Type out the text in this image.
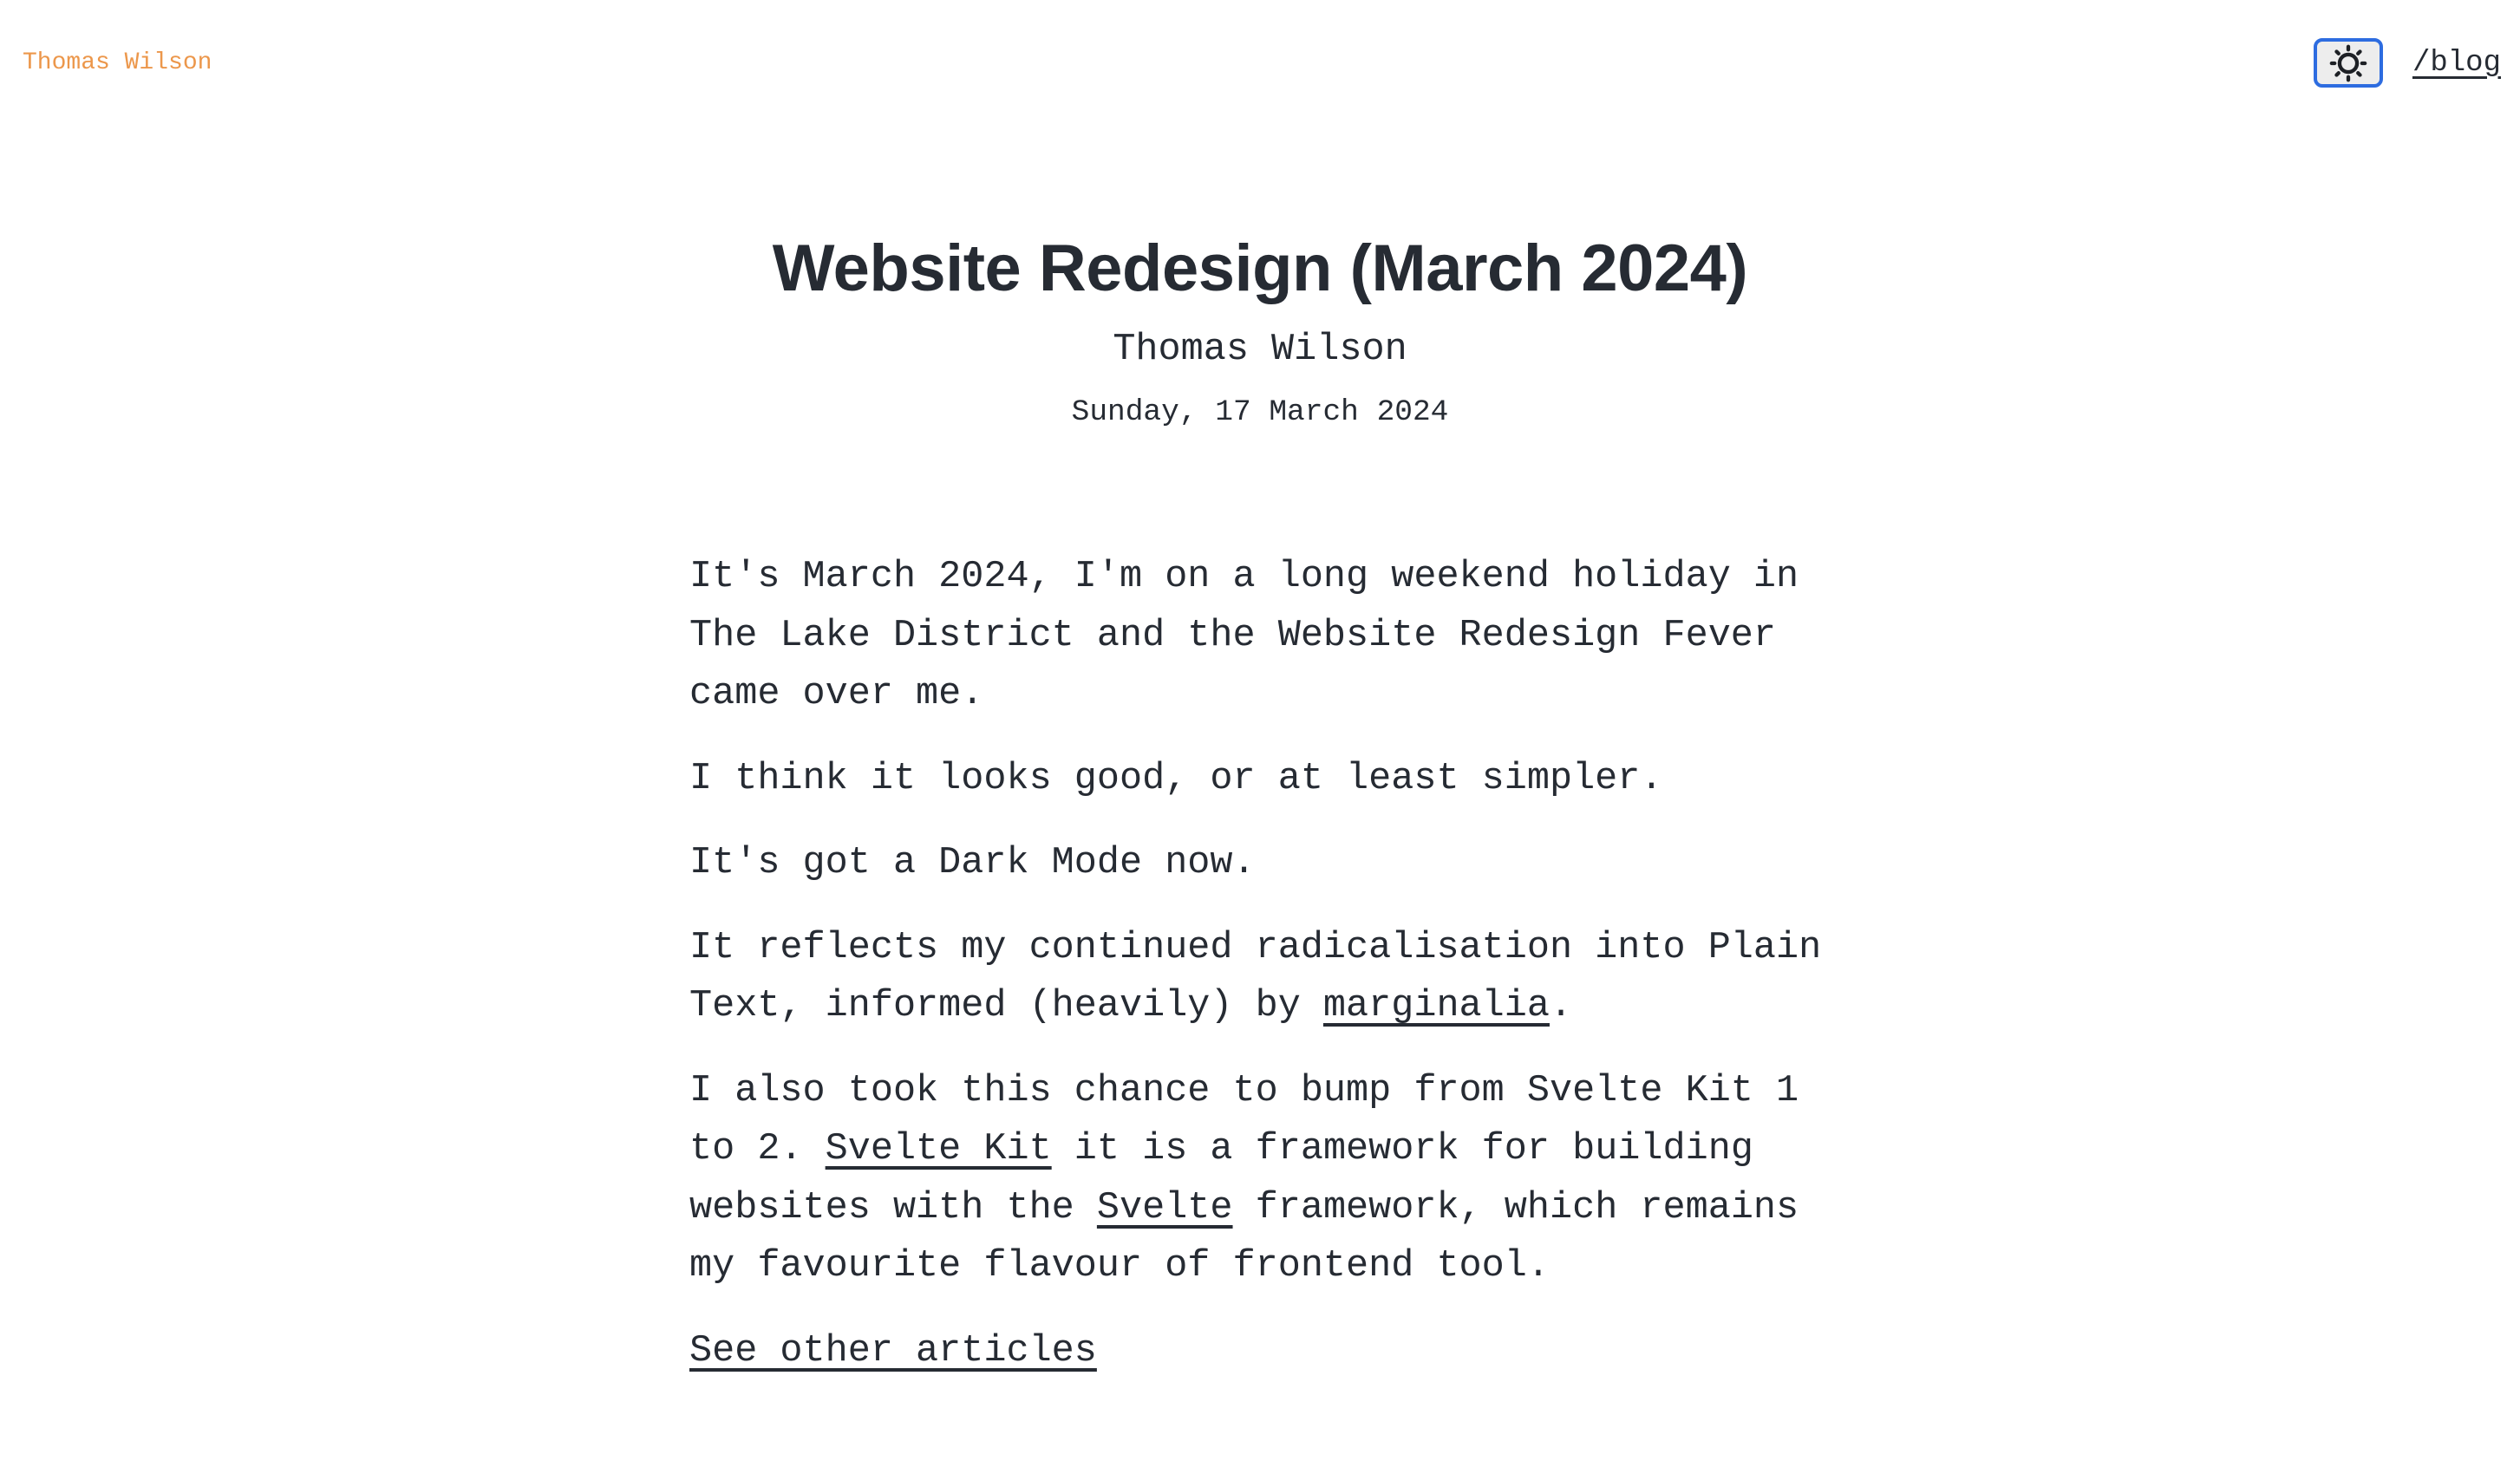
Thomas Wilson	/blog
Website Redesign (March 2024)
Thomas Wilson
Sunday, 17 March 2024

It's March 2024, I'm on a long weekend holiday in The Lake District and the Website Redesign Fever came over me.

I think it looks good, or at least simpler.

It's got a Dark Mode now.

It reflects my continued radicalisation into Plain Text, informed (heavily) by marginalia.

I also took this chance to bump from Svelte Kit 1 to 2. Svelte Kit it is a framework for building websites with the Svelte framework, which remains my favourite flavour of frontend tool.

See other articles
